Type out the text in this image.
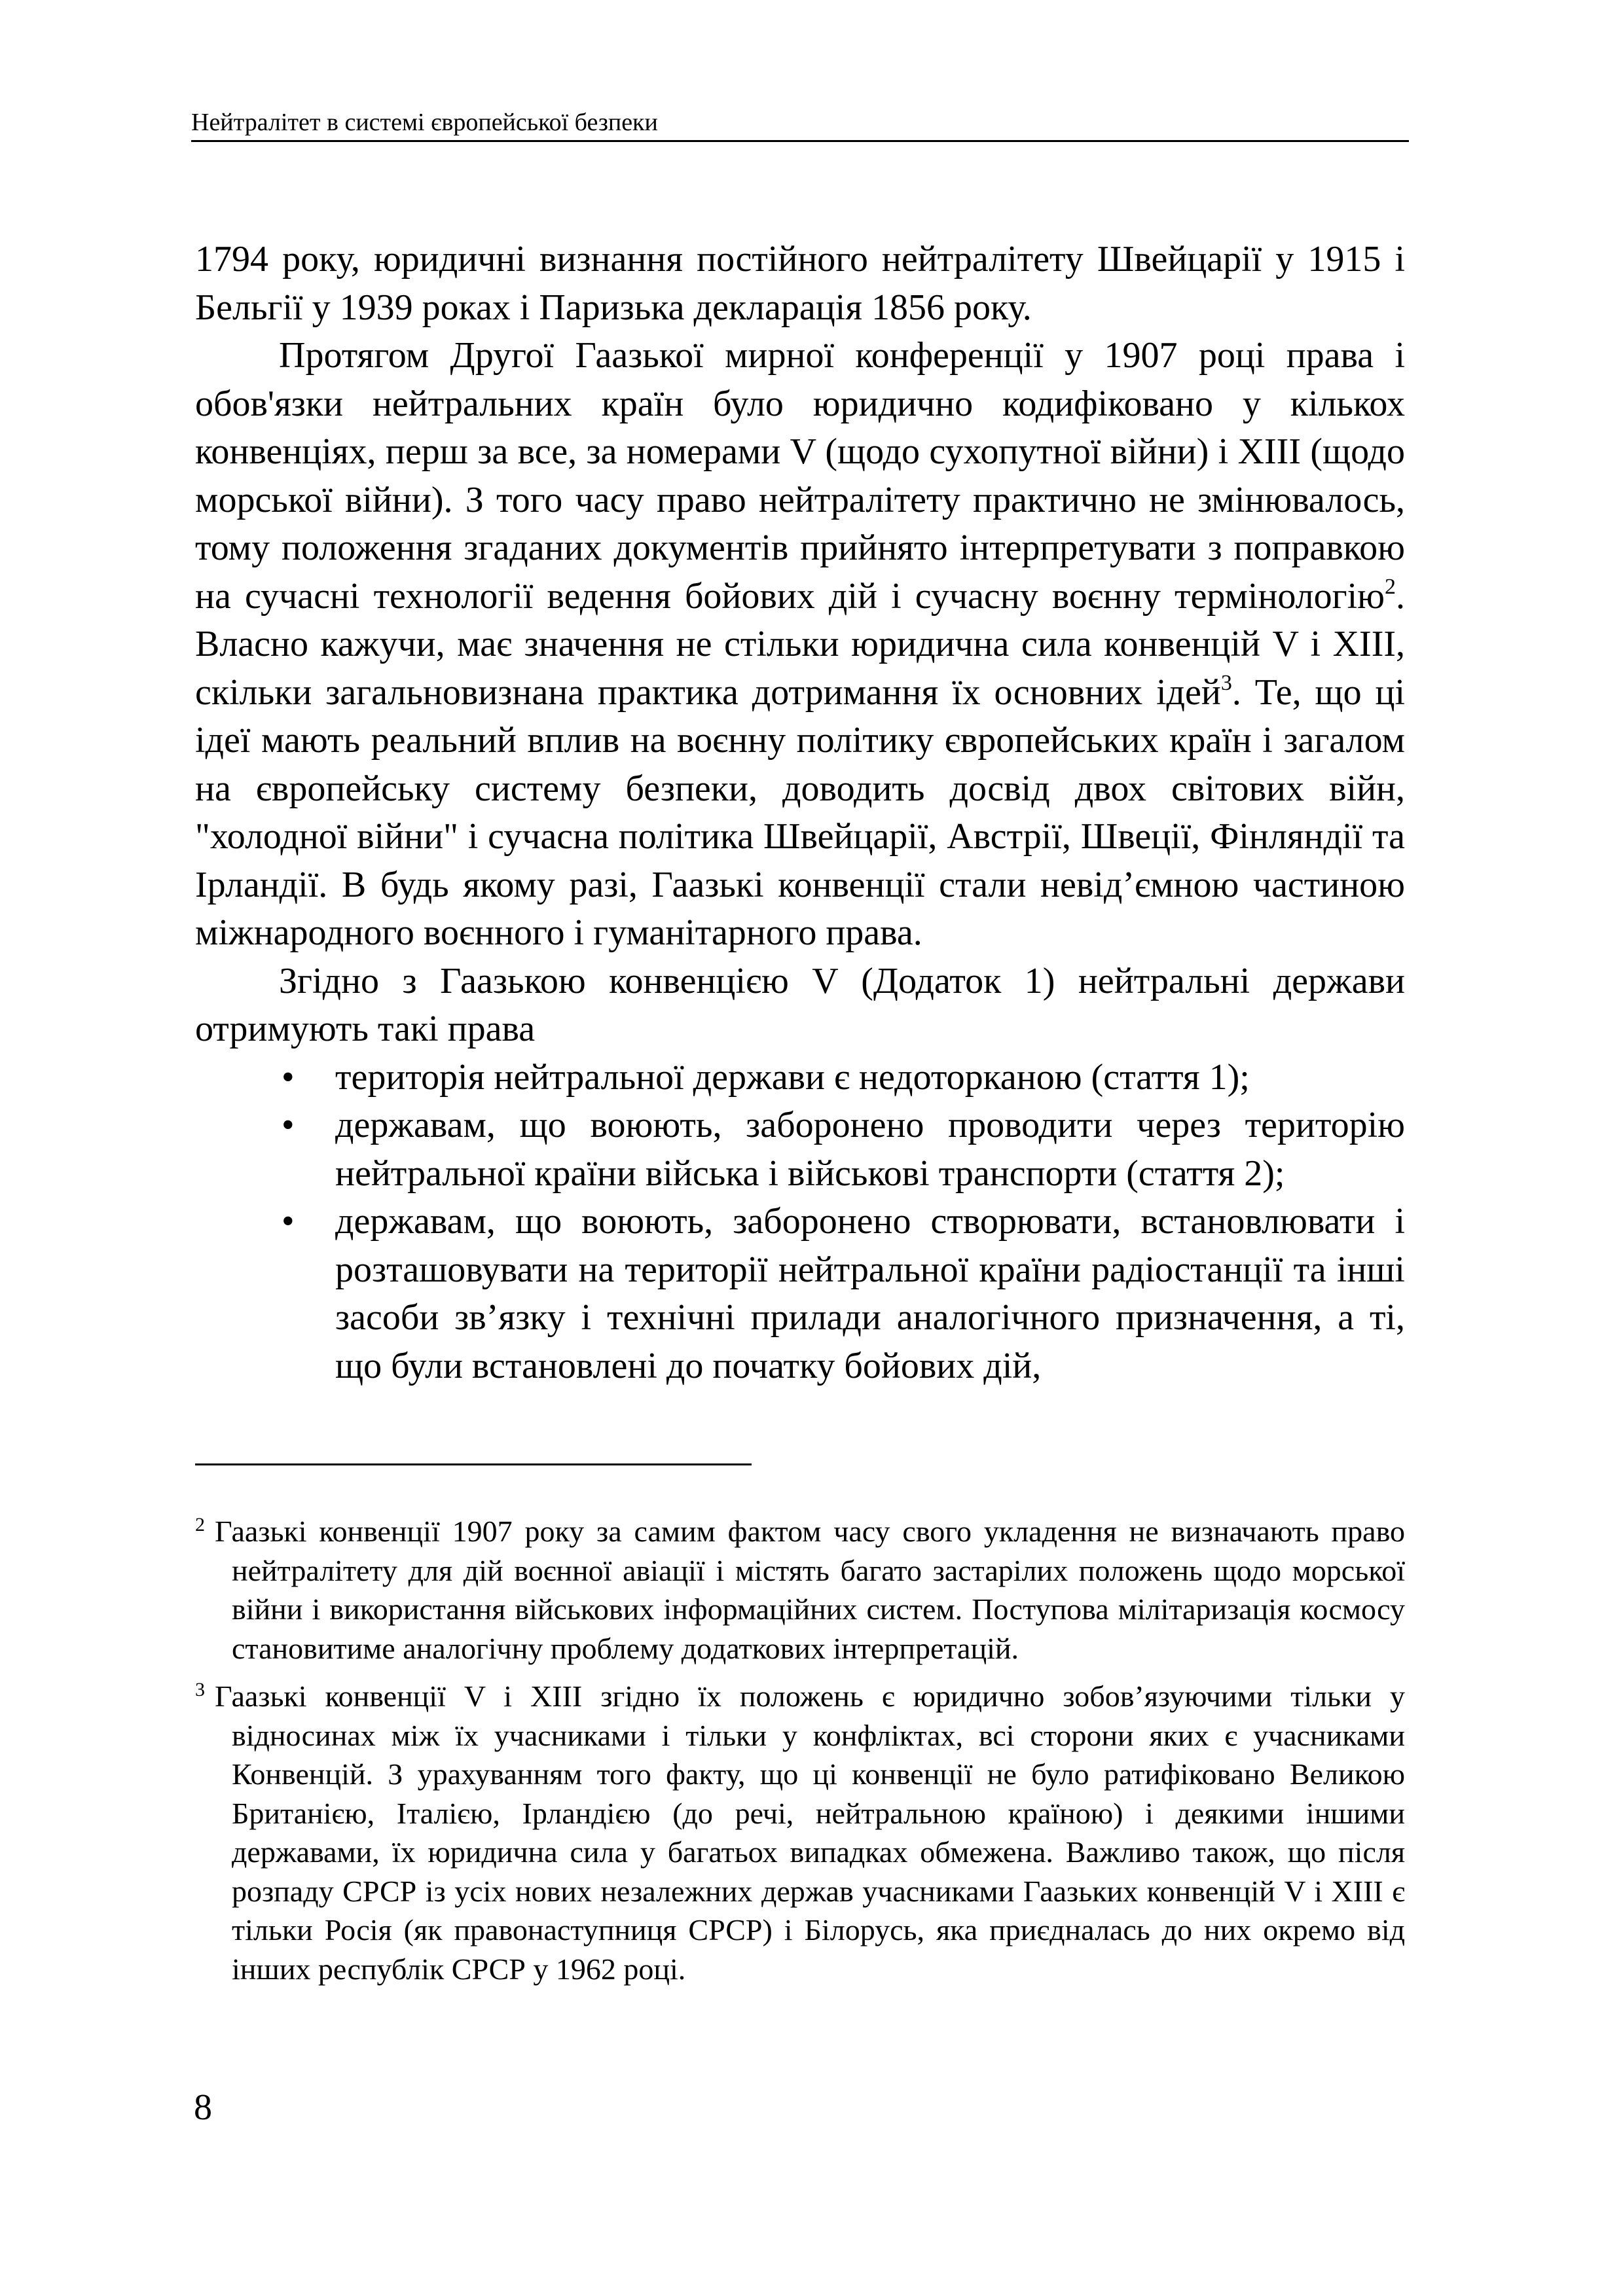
Нейтралітет в системі європейської безпеки

1794 року, юридичні визнання постійного нейтралітету Швейцарії у 1915 і Бельгії у 1939 роках і Паризька декларація 1856 року.

Протягом Другої Гаазької мирної конференції у 1907 році права і обов'язки нейтральних країн було юридично кодифіковано у кількох конвенціях, перш за все, за номерами V (щодо сухопутної війни) і XIII (щодо морської війни). З того часу право нейтралітету практично не змінювалось, тому положення згаданих документів прийнято інтерпретувати з поправкою на сучасні технології ведення бойових дій і сучасну воєнну термінологію$^2$. Власно кажучи, має значення не стільки юридична сила конвенцій V і XIII, скільки загальновизнана практика дотримання їх основних ідей$^3$. Те, що ці ідеї мають реальний вплив на воєнну політику європейських країн і загалом на європейську систему безпеки, доводить досвід двох світових війн, "холодної війни" і сучасна політика Швейцарії, Австрії, Швеції, Фінляндії та Ірландії. В будь якому разі, Гаазькі конвенції стали невід’ємною частиною міжнародного воєнного і гуманітарного права.

Згідно з Гаазькою конвенцією V (Додаток 1) нейтральні держави отримують такі права

• територія нейтральної держави є недоторканою (стаття 1);
• державам, що воюють, заборонено проводити через територію нейтральної країни війська і військові транспорти (стаття 2);
• державам, що воюють, заборонено створювати, встановлювати і розташовувати на території нейтральної країни радіостанції та інші засоби зв’язку і технічні прилади аналогічного призначення, а ті, що були встановлені до початку бойових дій,

2 Гаазькі конвенції 1907 року за самим фактом часу свого укладення не визначають право нейтралітету для дій воєнної авіації і містять багато застарілих положень щодо морської війни і використання військових інформаційних систем. Поступова мілітаризація космосу становитиме аналогічну проблему додаткових інтерпретацій.

3 Гаазькі конвенції V і XIII згідно їх положень є юридично зобов’язуючими тільки у відносинах між їх учасниками і тільки у конфліктах, всі сторони яких є учасниками Конвенцій. З урахуванням того факту, що ці конвенції не було ратифіковано Великою Британією, Італією, Ірландією (до речі, нейтральною країною) і деякими іншими державами, їх юридична сила у багатьох випадках обмежена. Важливо також, що після розпаду СРСР із усіх нових незалежних держав учасниками Гаазьких конвенцій V і XIII є тільки Росія (як правонаступниця СРСР) і Білорусь, яка приєдналась до них окремо від інших республік СРСР у 1962 році.

8
